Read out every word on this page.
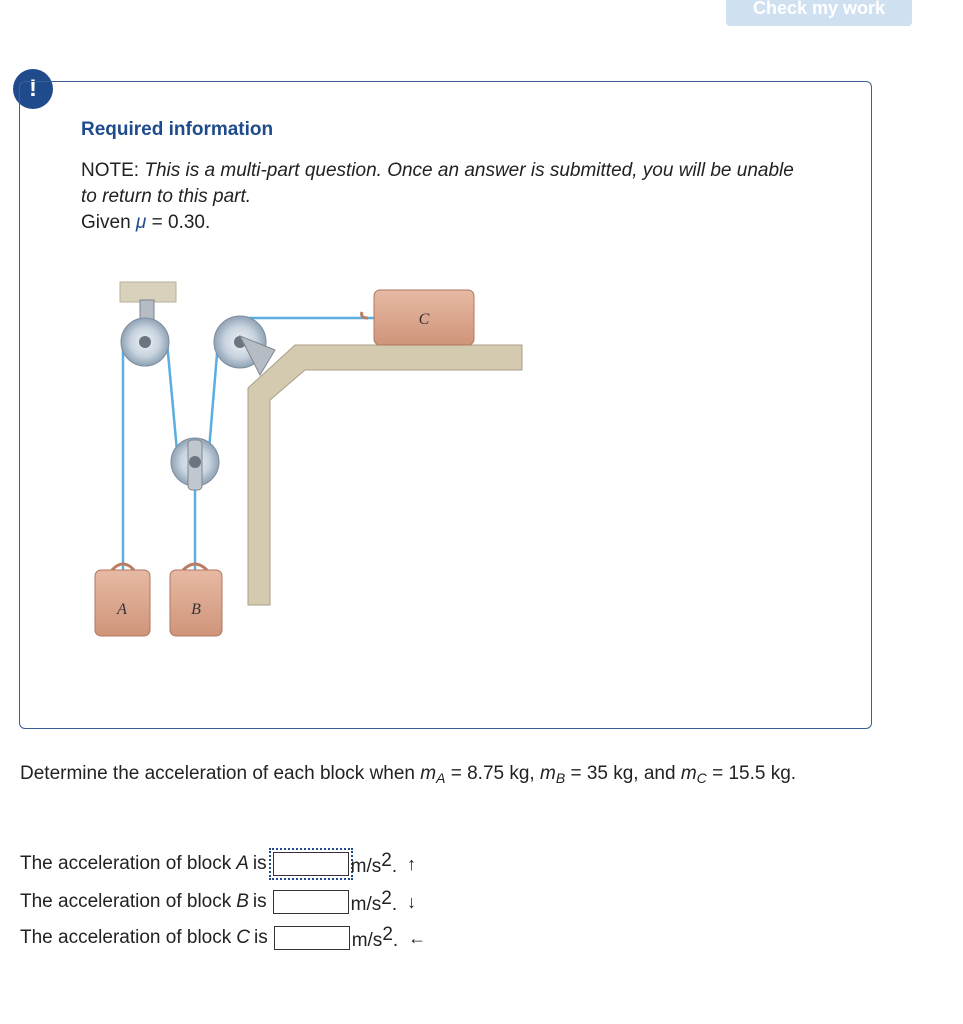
Check my work
!
Required information
NOTE: This is a multi-part question. Once an answer is submitted, you will be unable to return to this part.
Given μ = 0.30.
A	B
C
Determine the acceleration of each block when $m_A = 8.75$ kg, $m_B = 35$ kg, and $m_C = 15.5$ kg.
The acceleration of block A is	$m/s^2$. ↑
The acceleration of block B is	$m/s^2$. ↓
The acceleration of block C is	$m/s^2$. ←
